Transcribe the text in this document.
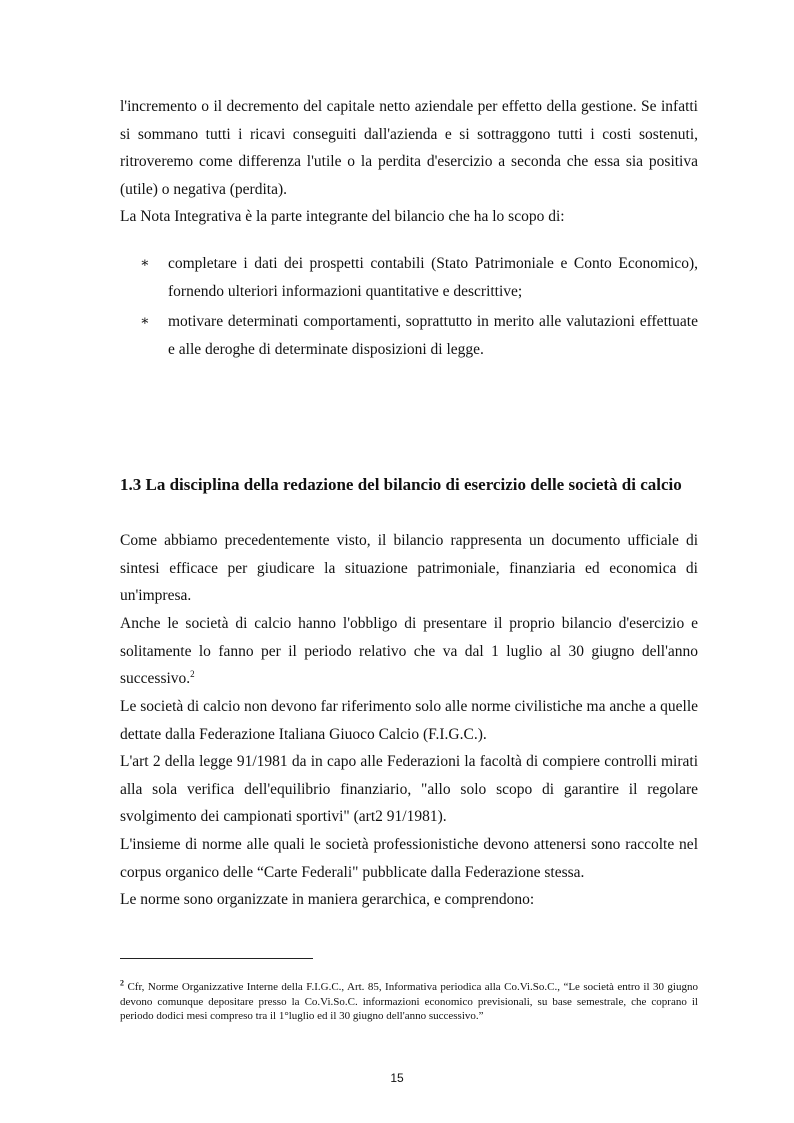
l'incremento o il decremento del capitale netto aziendale per effetto della gestione. Se infatti si sommano tutti i ricavi conseguiti dall'azienda e si sottraggono tutti i costi sostenuti, ritroveremo come differenza l'utile o la perdita d'esercizio a seconda che essa sia positiva (utile) o negativa (perdita).

La Nota Integrativa è la parte integrante del bilancio che ha lo scopo di:

∗ completare i dati dei prospetti contabili (Stato Patrimoniale e Conto Economico), fornendo ulteriori informazioni quantitative e descrittive;
∗ motivare determinati comportamenti, soprattutto in merito alle valutazioni effettuate e alle deroghe di determinate disposizioni di legge.
1.3 La disciplina della redazione del bilancio di esercizio delle società di calcio

Come abbiamo precedentemente visto, il bilancio rappresenta un documento ufficiale di sintesi efficace per giudicare la situazione patrimoniale, finanziaria ed economica di un'impresa.

Anche le società di calcio hanno l'obbligo di presentare il proprio bilancio d'esercizio e solitamente lo fanno per il periodo relativo che va dal 1 luglio al 30 giugno dell'anno successivo.$^2$

Le società di calcio non devono far riferimento solo alle norme civilistiche ma anche a quelle dettate dalla Federazione Italiana Giuoco Calcio (F.I.G.C.).

L'art 2 della legge 91/1981 da in capo alle Federazioni la facoltà di compiere controlli mirati alla sola verifica dell'equilibrio finanziario, "allo solo scopo di garantire il regolare svolgimento dei campionati sportivi" (art2 91/1981).

L'insieme di norme alle quali le società professionistiche devono attenersi sono raccolte nel corpus organico delle “Carte Federali" pubblicate dalla Federazione stessa.

Le norme sono organizzate in maniera gerarchica, e comprendono:

$^2$ Cfr, Norme Organizzative Interne della F.I.G.C., Art. 85, Informativa periodica alla Co.Vi.So.C., “Le società entro il 30 giugno devono comunque depositare presso la Co.Vi.So.C. informazioni economico previsionali, su base semestrale, che coprano il periodo dodici mesi compreso tra il 1°luglio ed il 30 giugno dell'anno successivo.”

15
